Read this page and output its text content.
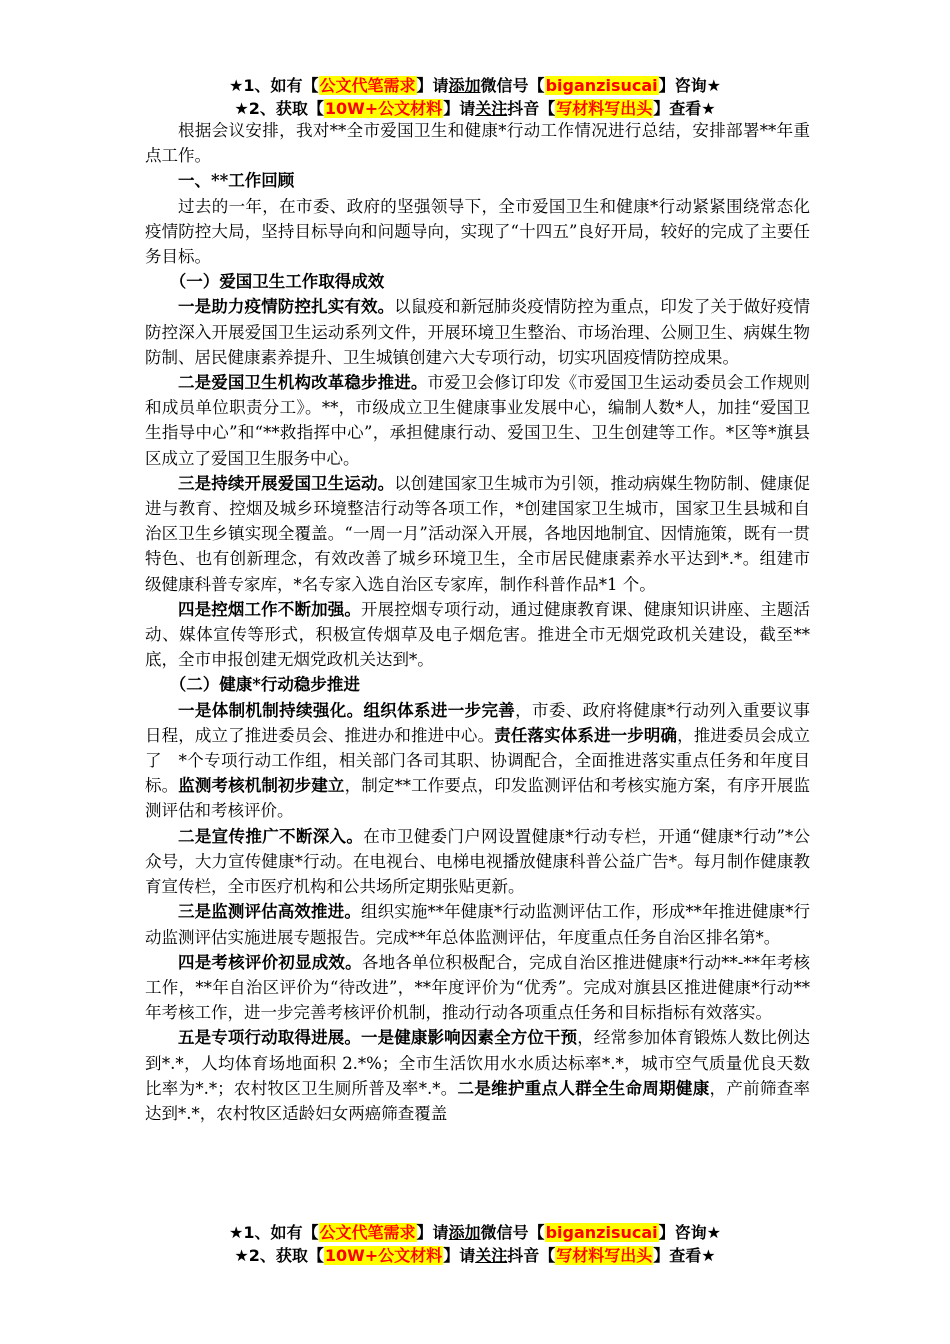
★1、如有【公文代笔需求】请添加微信号【biganzisucai】咨询★
★2、获取【10W+公文材料】请关注抖音【写材料写出头】查看★

根据会议安排，我对**全市爱国卫生和健康*行动工作情况进行总结，安排部署**年重点工作。

一、**工作回顾

过去的一年，在市委、政府的坚强领导下，全市爱国卫生和健康*行动紧紧围绕常态化疫情防控大局，坚持目标导向和问题导向，实现了“十四五”良好开局，较好的完成了主要任务目标。

（一）爱国卫生工作取得成效

一是助力疫情防控扎实有效。以鼠疫和新冠肺炎疫情防控为重点，印发了关于做好疫情防控深入开展爱国卫生运动系列文件，开展环境卫生整治、市场治理、公厕卫生、病媒生物防制、居民健康素养提升、卫生城镇创建六大专项行动，切实巩固疫情防控成果。

二是爱国卫生机构改革稳步推进。市爱卫会修订印发《市爱国卫生运动委员会工作规则和成员单位职责分工》。**，市级成立卫生健康事业发展中心，编制人数*人，加挂“爱国卫生指导中心”和“**救指挥中心”，承担健康行动、爱国卫生、卫生创建等工作。*区等*旗县区成立了爱国卫生服务中心。

三是持续开展爱国卫生运动。以创建国家卫生城市为引领，推动病媒生物防制、健康促进与教育、控烟及城乡环境整洁行动等各项工作，*创建国家卫生城市，国家卫生县城和自治区卫生乡镇实现全覆盖。“一周一月”活动深入开展，各地因地制宜、因情施策，既有一贯特色、也有创新理念，有效改善了城乡环境卫生，全市居民健康素养水平达到*.*。组建市级健康科普专家库，*名专家入选自治区专家库，制作科普作品*1 个。

四是控烟工作不断加强。开展控烟专项行动，通过健康教育课、健康知识讲座、主题活动、媒体宣传等形式，积极宣传烟草及电子烟危害。推进全市无烟党政机关建设，截至**底，全市申报创建无烟党政机关达到*。

（二）健康*行动稳步推进

一是体制机制持续强化。组织体系进一步完善，市委、政府将健康*行动列入重要议事日程，成立了推进委员会、推进办和推进中心。责任落实体系进一步明确，推进委员会成立了　*个专项行动工作组，相关部门各司其职、协调配合，全面推进落实重点任务和年度目标。监测考核机制初步建立，制定**工作要点，印发监测评估和考核实施方案，有序开展监测评估和考核评价。

二是宣传推广不断深入。在市卫健委门户网设置健康*行动专栏，开通“健康*行动”*公众号，大力宣传健康*行动。在电视台、电梯电视播放健康科普公益广告*。每月制作健康教育宣传栏，全市医疗机构和公共场所定期张贴更新。

三是监测评估高效推进。组织实施**年健康*行动监测评估工作，形成**年推进健康*行动监测评估实施进展专题报告。完成**年总体监测评估，年度重点任务自治区排名第*。

四是考核评价初显成效。各地各单位积极配合，完成自治区推进健康*行动**-**年考核工作，**年自治区评价为“待改进”，**年度评价为“优秀”。完成对旗县区推进健康*行动**年考核工作，进一步完善考核评价机制，推动行动各项重点任务和目标指标有效落实。

五是专项行动取得进展。一是健康影响因素全方位干预，经常参加体育锻炼人数比例达到*.*，人均体育场地面积 2.*%；全市生活饮用水水质达标率*.*，城市空气质量优良天数比率为*.*；农村牧区卫生厕所普及率*.*。二是维护重点人群全生命周期健康，产前筛查率达到*.*，农村牧区适龄妇女两癌筛查覆盖

★1、如有【公文代笔需求】请添加微信号【biganzisucai】咨询★
★2、获取【10W+公文材料】请关注抖音【写材料写出头】查看★
